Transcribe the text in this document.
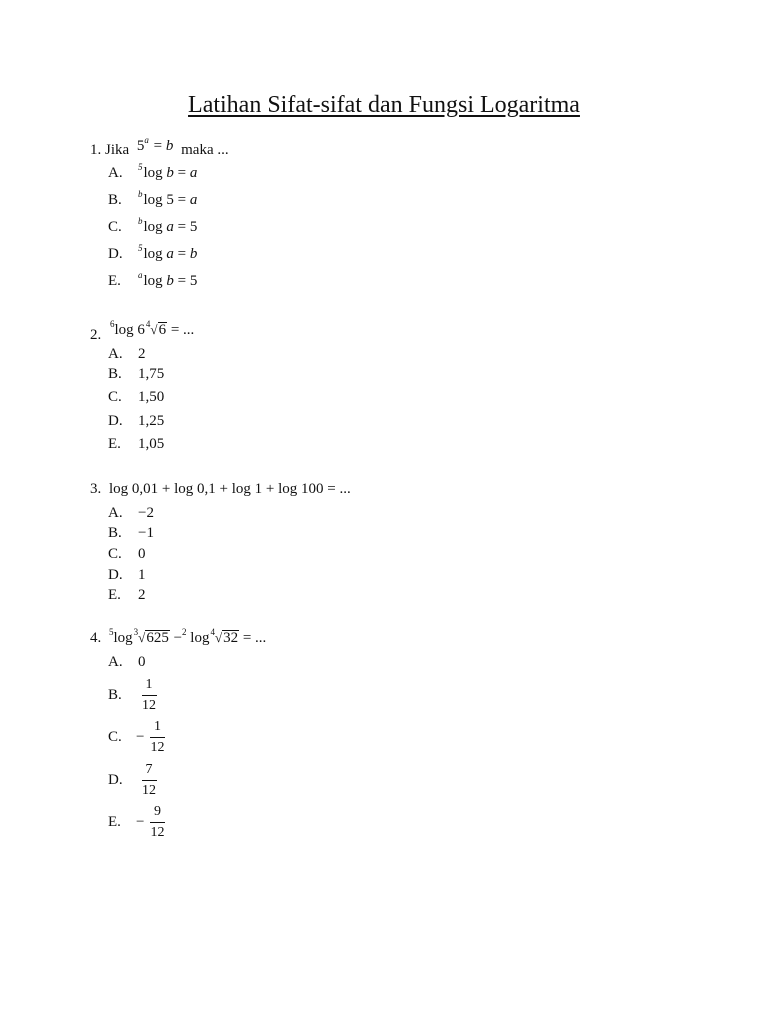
Latihan Sifat-sifat dan Fungsi Logaritma
1. Jika $5^a = b$ maka ...
A. $^5$log b = a
B. $^b$log 5 = a
C. $^b$log a = 5
D. $^5$log a = b
E. $^a$log b = 5
2.
$^6$log $6^4√6$ = ...
A. 2
B. 1,75
C. 1,50
D. 1,25
E. 1,05
3. log 0,01 + log 0,1 + log 1 + log 100 = ...
A. −2
B. −1
C. 0
D. 1
E. 2
4. $^5\log^3√625 -^2$ $\log^4√32$ = ...
A. 0
B.	$\frac{1}{12}$
C. − $\frac{1}{12}$
D.	$\frac{7}{12}$
E.	− $\frac{9}{12}$
